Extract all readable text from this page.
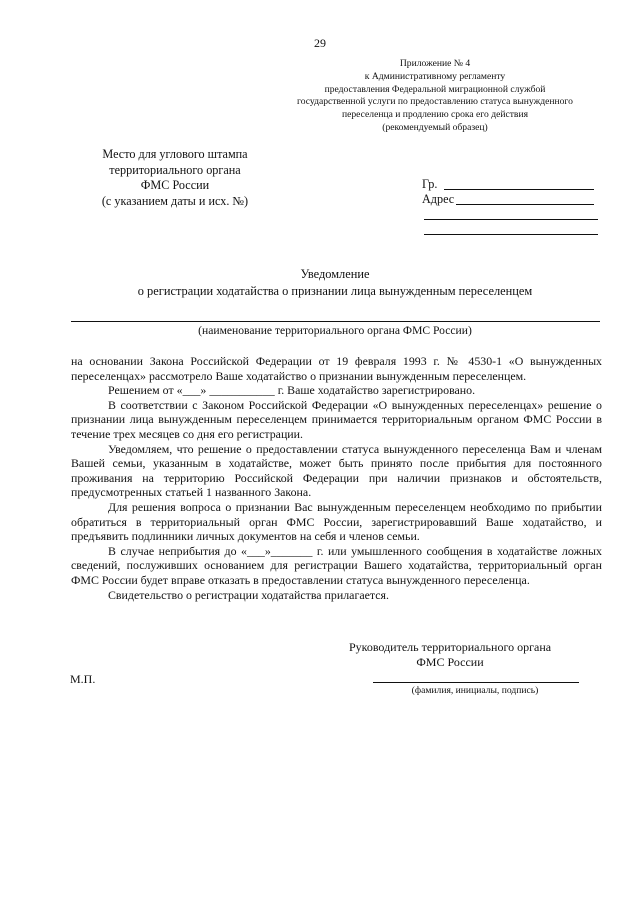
29
Приложение № 4
к Административному регламенту
предоставления Федеральной миграционной службой
государственной услуги по предоставлению статуса вынужденного
переселенца и продлению срока его действия
(рекомендуемый образец)
Место для углового штампа
территориального органа
ФМС России
(с указанием даты и исх. №)
Гр.
Адрес
Уведомление
о регистрации ходатайства о признании лица вынужденным переселенцем
(наименование территориального органа ФМС России)

на основании Закона Российской Федерации от 19 февраля 1993 г. № 4530-1 «О вынужденных переселенцах» рассмотрело Ваше ходатайство о признании вынужденным переселенцем.

Решением от «___» ___________ г. Ваше ходатайство зарегистрировано.

В соответствии с Законом Российской Федерации «О вынужденных переселенцах» решение о признании лица вынужденным переселенцем принимается территориальным органом ФМС России в течение трех месяцев со дня его регистрации.

Уведомляем, что решение о предоставлении статуса вынужденного переселенца Вам и членам Вашей семьи, указанным в ходатайстве, может быть принято после прибытия для постоянного проживания на территорию Российской Федерации при наличии признаков и обстоятельств, предусмотренных статьей 1 названного Закона.

Для решения вопроса о признании Вас вынужденным переселенцем необходимо по прибытии обратиться в территориальный орган ФМС России, зарегистрировавший Ваше ходатайство, и предъявить подлинники личных документов на себя и членов семьи.

В случае неприбытия до «___»_______ г. или умышленного сообщения в ходатайстве ложных сведений, послуживших основанием для регистрации Вашего ходатайства, территориальный орган ФМС России будет вправе отказать в предоставлении статуса вынужденного переселенца.

Свидетельство о регистрации ходатайства прилагается.

Руководитель территориального органа
ФМС России
М.П.
(фамилия, инициалы, подпись)
